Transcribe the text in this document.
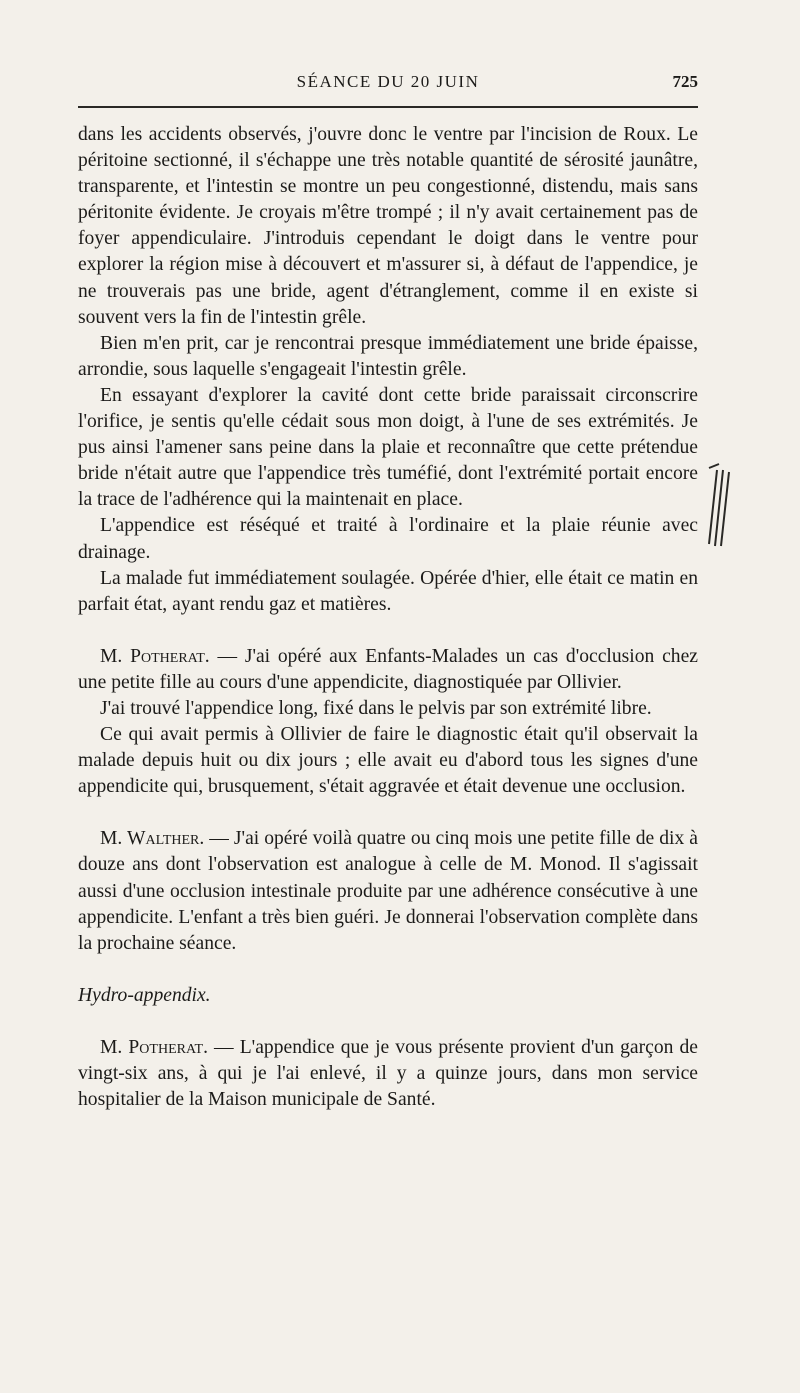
SÉANCE DU 20 JUIN	725

dans les accidents observés, j'ouvre donc le ventre par l'incision de Roux. Le péritoine sectionné, il s'échappe une très notable quantité de sérosité jaunâtre, transparente, et l'intestin se montre un peu congestionné, distendu, mais sans péritonite évidente. Je croyais m'être trompé ; il n'y avait certainement pas de foyer appendiculaire. J'introduis cependant le doigt dans le ventre pour explorer la région mise à découvert et m'assurer si, à défaut de l'appendice, je ne trouverais pas une bride, agent d'étranglement, comme il en existe si souvent vers la fin de l'intestin grêle.

Bien m'en prit, car je rencontrai presque immédiatement une bride épaisse, arrondie, sous laquelle s'engageait l'intestin grêle.

En essayant d'explorer la cavité dont cette bride paraissait circonscrire l'orifice, je sentis qu'elle cédait sous mon doigt, à l'une de ses extrémités. Je pus ainsi l'amener sans peine dans la plaie et reconnaître que cette prétendue bride n'était autre que l'appendice très tuméfié, dont l'extrémité portait encore la trace de l'adhérence qui la maintenait en place.

L'appendice est réséqué et traité à l'ordinaire et la plaie réunie avec drainage.

La malade fut immédiatement soulagée. Opérée d'hier, elle était ce matin en parfait état, ayant rendu gaz et matières.

M. Potherat. — J'ai opéré aux Enfants-Malades un cas d'occlusion chez une petite fille au cours d'une appendicite, diagnostiquée par Ollivier.

J'ai trouvé l'appendice long, fixé dans le pelvis par son extrémité libre.

Ce qui avait permis à Ollivier de faire le diagnostic était qu'il observait la malade depuis huit ou dix jours ; elle avait eu d'abord tous les signes d'une appendicite qui, brusquement, s'était aggravée et était devenue une occlusion.

M. Walther. — J'ai opéré voilà quatre ou cinq mois une petite fille de dix à douze ans dont l'observation est analogue à celle de M. Monod. Il s'agissait aussi d'une occlusion intestinale produite par une adhérence consécutive à une appendicite. L'enfant a très bien guéri. Je donnerai l'observation complète dans la prochaine séance.

Hydro-appendix.

M. Potherat. — L'appendice que je vous présente provient d'un garçon de vingt-six ans, à qui je l'ai enlevé, il y a quinze jours, dans mon service hospitalier de la Maison municipale de Santé.
